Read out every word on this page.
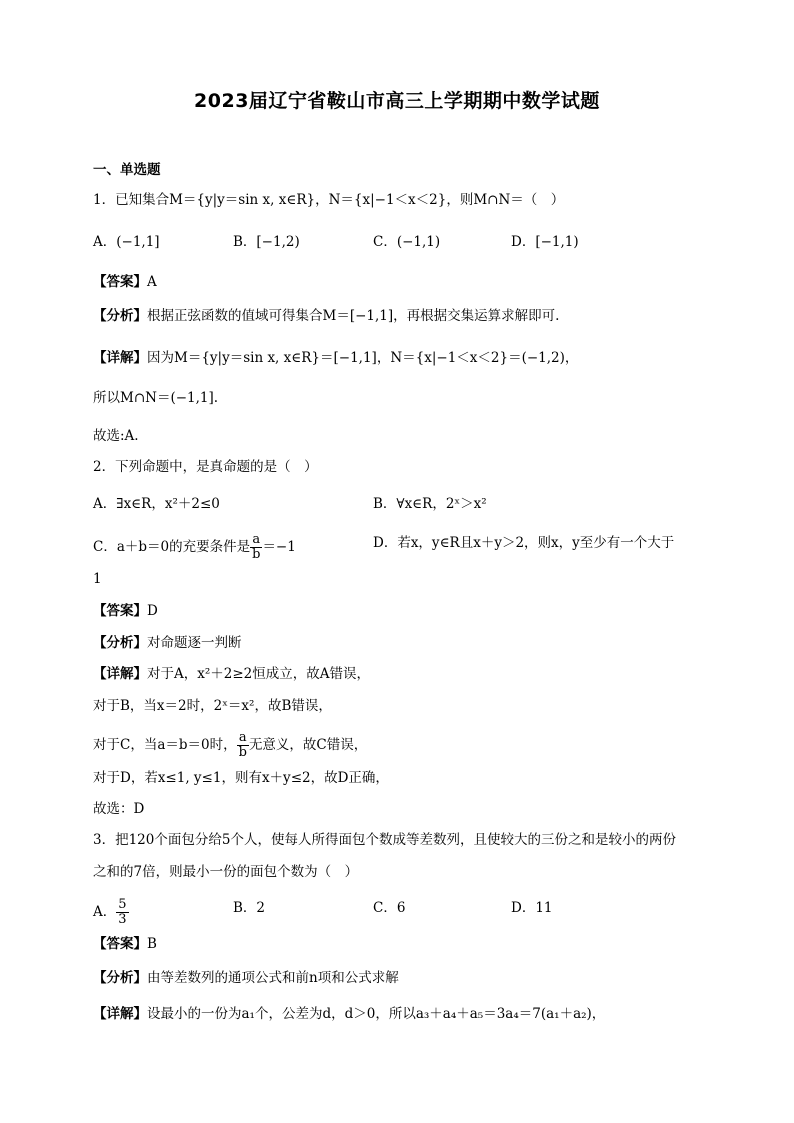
2023届辽宁省鞍山市高三上学期期中数学试题
一、单选题
1．已知集合M＝{y|y＝sin x, x∈R}，N＝{x|−1＜x＜2}，则M∩N＝（　）
A．(−1,1]	B．[−1,2)	C．(−1,1)	D．[−1,1)
【答案】A
【分析】根据正弦函数的值域可得集合M＝[−1,1]，再根据交集运算求解即可.
【详解】因为M＝{y|y＝sin x, x∈R}＝[−1,1]，N＝{x|−1＜x＜2}＝(−1,2)，
所以M∩N＝(−1,1].
故选:A.
2．下列命题中，是真命题的是（　）
A．∃x∈R，x²＋2≤0	B．∀x∈R，2ˣ＞x²
C．a＋b＝0的充要条件是 $\frac{a}{b} =-1$	D．若x，y∈R且x＋y＞2，则x，y至少有一个大于
1
【答案】D
【分析】对命题逐一判断
【详解】对于A，x²＋2≥2恒成立，故A错误，
对于B，当x＝2时，2ˣ＝x²，故B错误，
对于C，当a＝b＝0时， $\frac{a}{b}$ 无意义，故C错误，
对于D，若x≤1, y≤1，则有x＋y≤2，故D正确，
故选：D
3．把120个面包分给5个人，使每人所得面包个数成等差数列，且使较大的三份之和是较小的两份
之和的7倍，则最小一份的面包个数为（　）
A． $\frac{5}{3}$	B．2	C．6	D．11
【答案】B
【分析】由等差数列的通项公式和前n项和公式求解
【详解】设最小的一份为a₁个，公差为d，d＞0，所以a₃＋a₄＋a₅＝3a₄＝7(a₁＋a₂)，
